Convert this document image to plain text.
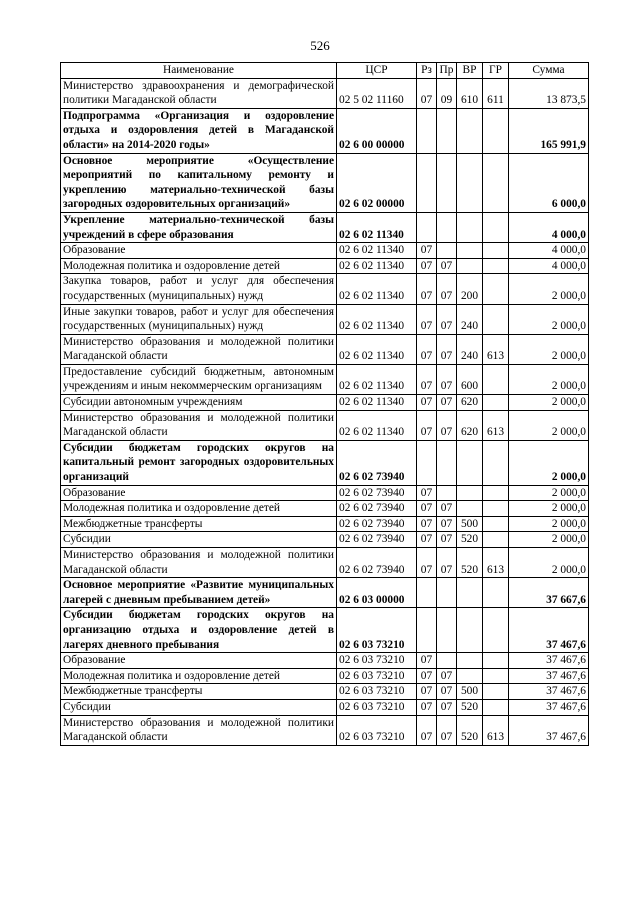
526
Наименование	ЦСР	Рз	Пр	ВР	ГР	Сумма
Министерство здравоохранения и демографической политики Магаданской области	02 5 02 11160	07	09	610	611	13 873,5
Подпрограмма «Организация и оздоровление отдыха и оздоровления детей в Магаданской области» на 2014-2020 годы»	02 6 00 00000					165 991,9
Основное мероприятие «Осуществление мероприятий по капитальному ремонту и укреплению материально-технической базы загородных оздоровительных организаций»	02 6 02 00000					6 000,0
Укрепление материально-технической базы учреждений в сфере образования	02 6 02 11340					4 000,0
Образование	02 6 02 11340	07				4 000,0
Молодежная политика и оздоровление детей	02 6 02 11340	07	07			4 000,0
Закупка товаров, работ и услуг для обеспечения государственных (муниципальных) нужд	02 6 02 11340	07	07	200		2 000,0
Иные закупки товаров, работ и услуг для обеспечения государственных (муниципальных) нужд	02 6 02 11340	07	07	240		2 000,0
Министерство образования и молодежной политики Магаданской области	02 6 02 11340	07	07	240	613	2 000,0
Предоставление субсидий бюджетным, автономным учреждениям и иным некоммерческим организациям	02 6 02 11340	07	07	600		2 000,0
Субсидии автономным учреждениям	02 6 02 11340	07	07	620		2 000,0
Министерство образования и молодежной политики Магаданской области	02 6 02 11340	07	07	620	613	2 000,0
Субсидии бюджетам городских округов на капитальный ремонт загородных оздоровительных организаций	02 6 02 73940					2 000,0
Образование	02 6 02 73940	07				2 000,0
Молодежная политика и оздоровление детей	02 6 02 73940	07	07			2 000,0
Межбюджетные трансферты	02 6 02 73940	07	07	500		2 000,0
Субсидии	02 6 02 73940	07	07	520		2 000,0
Министерство образования и молодежной политики Магаданской области	02 6 02 73940	07	07	520	613	2 000,0
Основное мероприятие «Развитие муниципальных лагерей с дневным пребыванием детей»	02 6 03 00000					37 667,6
Субсидии бюджетам городских округов на организацию отдыха и оздоровление детей в лагерях дневного пребывания	02 6 03 73210					37 467,6
Образование	02 6 03 73210	07				37 467,6
Молодежная политика и оздоровление детей	02 6 03 73210	07	07			37 467,6
Межбюджетные трансферты	02 6 03 73210	07	07	500		37 467,6
Субсидии	02 6 03 73210	07	07	520		37 467,6
Министерство образования и молодежной политики Магаданской области	02 6 03 73210	07	07	520	613	37 467,6
